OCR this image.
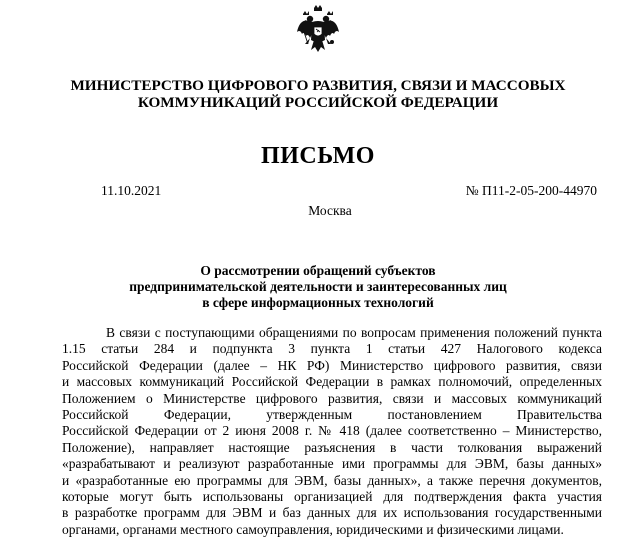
МИНИСТЕРСТВО ЦИФРОВОГО РАЗВИТИЯ, СВЯЗИ И МАССОВЫХ
КОММУНИКАЦИЙ РОССИЙСКОЙ ФЕДЕРАЦИИ
ПИСЬМО
11.10.2021	№ П11-2-05-200-44970
Москва
О рассмотрении обращений субъектов
предпринимательской деятельности и заинтересованных лиц
в сфере информационных технологий
В связи с поступающими обращениями по вопросам применения положений пункта
1.15 статьи 284 и подпункта 3 пункта 1 статьи 427 Налогового кодекса
Российской Федерации (далее – НК РФ) Министерство цифрового развития, связи
и массовых коммуникаций Российской Федерации в рамках полномочий, определенных
Положением о Министерстве цифрового развития, связи и массовых коммуникаций
Российской Федерации, утвержденным постановлением Правительства
Российской Федерации от 2 июня 2008 г. № 418 (далее соответственно – Министерство,
Положение), направляет настоящие разъяснения в части толкования выражений
«разрабатывают и реализуют разработанные ими программы для ЭВМ, базы данных»
и «разработанные ею программы для ЭВМ, базы данных», а также перечня документов,
которые могут быть использованы организацией для подтверждения факта участия
в разработке программ для ЭВМ и баз данных для их использования государственными
органами, органами местного самоуправления, юридическими и физическими лицами.
